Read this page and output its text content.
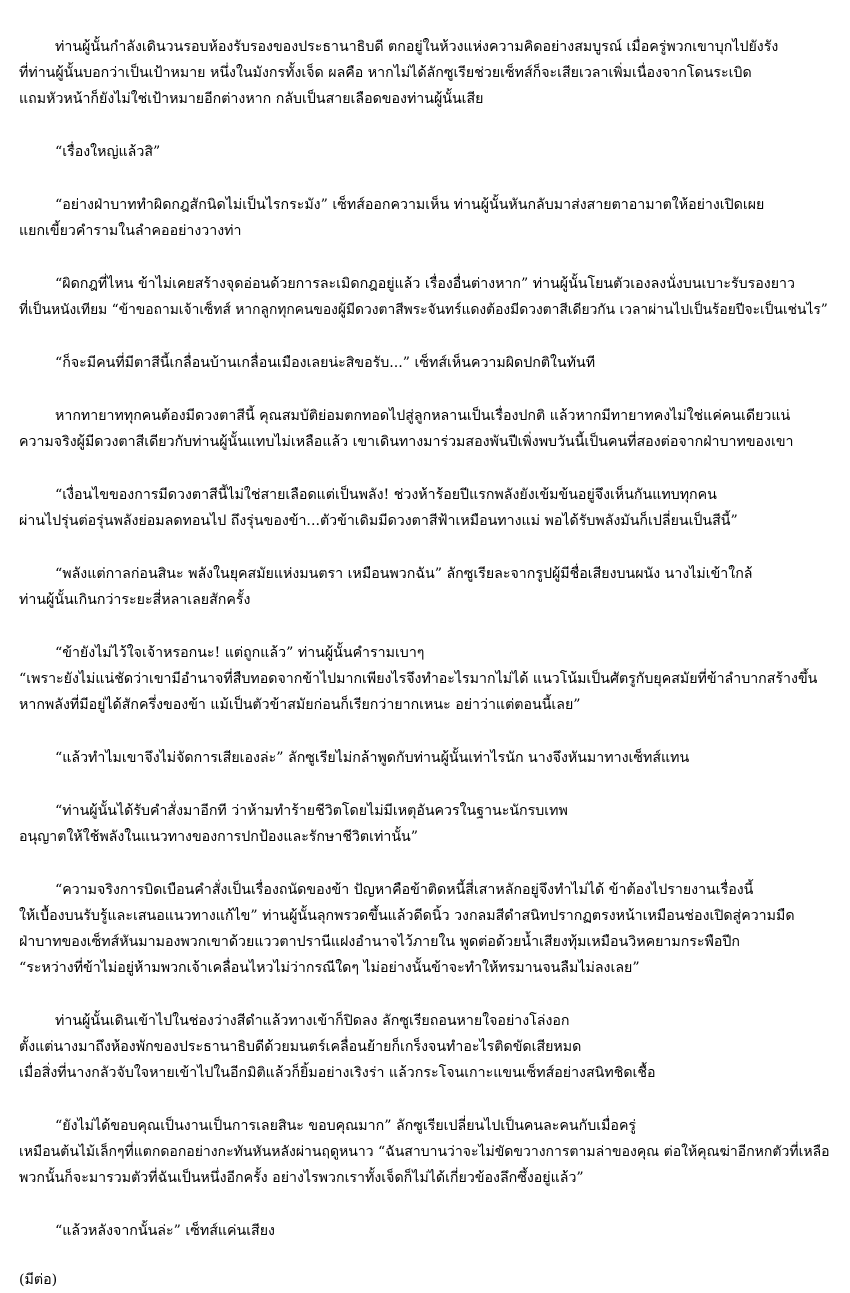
ท่านผู้นั้นกำลังเดินวนรอบห้องรับรองของประธานาธิบดี ตกอยู่ในห้วงแห่งความคิดอย่างสมบูรณ์ เมื่อครู่พวกเขาบุกไปยังรัง
ที่ท่านผู้นั้นบอกว่าเป็นเป้าหมาย หนึ่งในมังกรทั้งเจ็ด ผลคือ หากไม่ได้ลักซูเรียช่วยเซ็ทส์ก็จะเสียเวลาเพิ่มเนื่องจากโดนระเบิด
แถมหัวหน้าก็ยังไม่ใช่เป้าหมายอีกต่างหาก กลับเป็นสายเลือดของท่านผู้นั้นเสีย

“เรื่องใหญ่แล้วสิ”

“อย่างฝ่าบาททำผิดกฎสักนิดไม่เป็นไรกระมัง” เซ็ทส์ออกความเห็น ท่านผู้นั้นหันกลับมาส่งสายตาอามาตให้อย่างเปิดเผย
แยกเขี้ยวคำรามในลำคออย่างวางท่า

“ผิดกฎที่ไหน ข้าไม่เคยสร้างจุดอ่อนด้วยการละเมิดกฎอยู่แล้ว เรื่องอื่นต่างหาก” ท่านผู้นั้นโยนตัวเองลงนั่งบนเบาะรับรองยาว
ที่เป็นหนังเทียม “ข้าขอถามเจ้าเซ็ทส์ หากลูกทุกคนของผู้มีดวงตาสีพระจันทร์แดงต้องมีดวงตาสีเดียวกัน เวลาผ่านไปเป็นร้อยปีจะเป็นเช่นไร”

“ก็จะมีคนที่มีตาสีนี้เกลื่อนบ้านเกลื่อนเมืองเลยน่ะสิขอรับ...” เซ็ทส์เห็นความผิดปกติในทันที

หากทายาททุกคนต้องมีดวงตาสีนี้ คุณสมบัติย่อมตกทอดไปสู่ลูกหลานเป็นเรื่องปกติ แล้วหากมีทายาทคงไม่ใช่แค่คนเดียวแน่
ความจริงผู้มีดวงตาสีเดียวกับท่านผู้นั้นแทบไม่เหลือแล้ว เขาเดินทางมาร่วมสองพันปีเพิ่งพบวันนี้เป็นคนที่สองต่อจากฝ่าบาทของเขา

“เงื่อนไขของการมีดวงตาสีนี้ไม่ใช่สายเลือดแต่เป็นพลัง! ช่วงห้าร้อยปีแรกพลังยังเข้มข้นอยู่จึงเห็นกันแทบทุกคน
ผ่านไปรุ่นต่อรุ่นพลังย่อมลดทอนไป ถึงรุ่นของข้า...ตัวข้าเดิมมีดวงตาสีฟ้าเหมือนทางแม่ พอได้รับพลังมันก็เปลี่ยนเป็นสีนี้”

“พลังแต่กาลก่อนสินะ พลังในยุคสมัยแห่งมนตรา เหมือนพวกฉัน” ลักซูเรียละจากรูปผู้มีชื่อเสียงบนผนัง นางไม่เข้าใกล้
ท่านผู้นั้นเกินกว่าระยะสี่หลาเลยสักครั้ง

“ข้ายังไม่ไว้ใจเจ้าหรอกนะ! แต่ถูกแล้ว” ท่านผู้นั้นคำรามเบาๆ
“เพราะยังไม่แน่ชัดว่าเขามีอำนาจที่สืบทอดจากข้าไปมากเพียงไรจึงทำอะไรมากไม่ได้ แนวโน้มเป็นศัตรูกับยุคสมัยที่ข้าลำบากสร้างขึ้น
หากพลังที่มีอยู่ได้สักครึ่งของข้า แม้เป็นตัวข้าสมัยก่อนก็เรียกว่ายากเหนะ อย่าว่าแต่ตอนนี้เลย”

“แล้วทำไมเขาจึงไม่จัดการเสียเองล่ะ” ลักซูเรียไม่กล้าพูดกับท่านผู้นั้นเท่าไรนัก นางจึงหันมาทางเซ็ทส์แทน

“ท่านผู้นั้นได้รับคำสั่งมาอีกที ว่าห้ามทำร้ายชีวิตโดยไม่มีเหตุอันควรในฐานะนักรบเทพ
อนุญาตให้ใช้พลังในแนวทางของการปกป้องและรักษาชีวิตเท่านั้น”

“ความจริงการบิดเบือนคำสั่งเป็นเรื่องถนัดของข้า ปัญหาคือข้าติดหนี้สี่เสาหลักอยู่จึงทำไม่ได้ ข้าต้องไปรายงานเรื่องนี้
ให้เบื้องบนรับรู้และเสนอแนวทางแก้ไข” ท่านผู้นั้นลุกพรวดขึ้นแล้วดีดนิ้ว วงกลมสีดำสนิทปรากฏตรงหน้าเหมือนช่องเปิดสู่ความมืด
ฝ่าบาทของเซ็ทส์หันมามองพวกเขาด้วยแววตาปรานีแฝงอำนาจไว้ภายใน พูดต่อด้วยน้ำเสียงทุ้มเหมือนวิหคยามกระพือปีก
“ระหว่างที่ข้าไม่อยู่ห้ามพวกเจ้าเคลื่อนไหวไม่ว่ากรณีใดๆ ไม่อย่างนั้นข้าจะทำให้ทรมานจนลืมไม่ลงเลย”

ท่านผู้นั้นเดินเข้าไปในช่องว่างสีดำแล้วทางเข้าก็ปิดลง ลักซูเรียถอนหายใจอย่างโล่งอก
ตั้งแต่นางมาถึงห้องพักของประธานาธิบดีด้วยมนตร์เคลื่อนย้ายก็เกร็งจนทำอะไรติดขัดเสียหมด
เมื่อสิ่งที่นางกลัวจับใจหายเข้าไปในอีกมิติแล้วก็ยิ้มอย่างเริงร่า แล้วกระโจนเกาะแขนเซ็ทส์อย่างสนิทชิดเชื้อ

“ยังไม่ได้ขอบคุณเป็นงานเป็นการเลยสินะ ขอบคุณมาก” ลักซูเรียเปลี่ยนไปเป็นคนละคนกับเมื่อครู่
เหมือนต้นไม้เล็กๆที่แตกดอกอย่างกะทันหันหลังผ่านฤดูหนาว “ฉันสาบานว่าจะไม่ขัดขวางการตามล่าของคุณ ต่อให้คุณฆ่าอีกหกตัวที่เหลือ
พวกนั้นก็จะมารวมตัวที่ฉันเป็นหนึ่งอีกครั้ง อย่างไรพวกเราทั้งเจ็ดก็ไม่ได้เกี่ยวข้องลึกซึ้งอยู่แล้ว”

“แล้วหลังจากนั้นล่ะ” เซ็ทส์แค่นเสียง

(มีต่อ)
